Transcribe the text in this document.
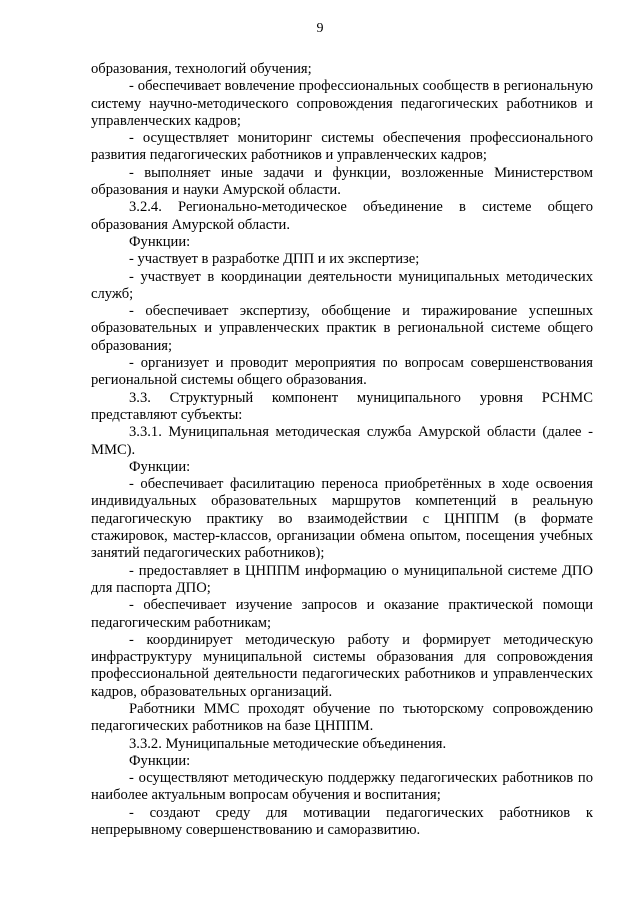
9

образования, технологий обучения;

- обеспечивает вовлечение профессиональных сообществ в региональную систему научно-методического сопровождения педагогических работников и управленческих кадров;

- осуществляет мониторинг системы обеспечения профессионального развития педагогических работников и управленческих кадров;

- выполняет иные задачи и функции, возложенные Министерством образования и науки Амурской области.

3.2.4. Регионально-методическое объединение в системе общего образования Амурской области.

Функции:

- участвует в разработке ДПП и их экспертизе;

- участвует в координации деятельности муниципальных методических служб;

- обеспечивает экспертизу, обобщение и тиражирование успешных образовательных и управленческих практик в региональной системе общего образования;

- организует и проводит мероприятия по вопросам совершенствования региональной системы общего образования.

3.3. Структурный компонент муниципального уровня РСНМС представляют субъекты:

3.3.1. Муниципальная методическая служба Амурской области (далее - ММС).

Функции:

- обеспечивает фасилитацию переноса приобретённых в ходе освоения индивидуальных образовательных маршрутов компетенций в реальную педагогическую практику во взаимодействии с ЦНППМ (в формате стажировок, мастер-классов, организации обмена опытом, посещения учебных занятий педагогических работников);

- предоставляет в ЦНППМ информацию о муниципальной системе ДПО для паспорта ДПО;

- обеспечивает изучение запросов и оказание практической помощи педагогическим работникам;

- координирует методическую работу и формирует методическую инфраструктуру муниципальной системы образования для сопровождения профессиональной деятельности педагогических работников и управленческих кадров, образовательных организаций.

Работники ММС проходят обучение по тьюторскому сопровождению педагогических работников на базе ЦНППМ.

3.3.2. Муниципальные методические объединения.

Функции:

- осуществляют методическую поддержку педагогических работников по наиболее актуальным вопросам обучения и воспитания;

- создают среду для мотивации педагогических работников к непрерывному совершенствованию и саморазвитию.
